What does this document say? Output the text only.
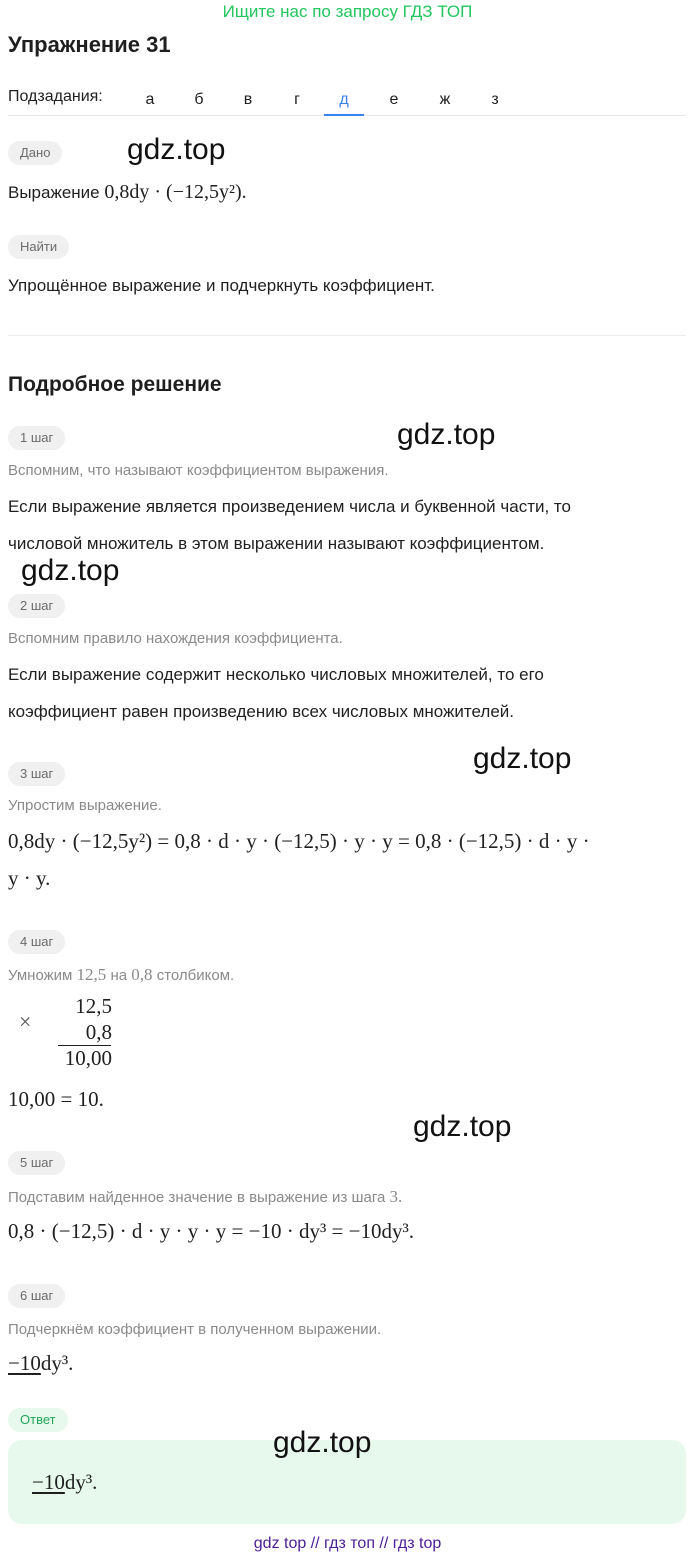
Ищите нас по запросу ГДЗ ТОП
Упражнение 31
Подзадания:	а	б	в	г	д	е	ж	з
Дано	gdz.top
Выражение 0,8dy · (−12,5y²).
Найти
Упрощённое выражение и подчеркнуть коэффициент.
Подробное решение
1 шаг	gdz.top
Вспомним, что называют коэффициентом выражения.
Если выражение является произведением числа и буквенной части, то
числовой множитель в этом выражении называют коэффициентом.
gdz.top
2 шаг
Вспомним правило нахождения коэффициента.
Если выражение содержит несколько числовых множителей, то его
коэффициент равен произведению всех числовых множителей.
gdz.top
3 шаг
Упростим выражение.
0,8dy · (−12,5y²) = 0,8 · d · y · (−12,5) · y · y = 0,8 · (−12,5) · d · y ·
y · y.
4 шаг
Умножим 12,5 на 0,8 столбиком.
×
12,5
0,8
10,00
10,00 = 10.
gdz.top
5 шаг
Подставим найденное значение в выражение из шага 3.
0,8 · (−12,5) · d · y · y · y = −10 · dy³ = −10dy³.
6 шаг
Подчеркнём коэффициент в полученном выражении.
−10dy³.
Ответ
gdz.top
−10dy³.
gdz top // гдз топ // гдз top
